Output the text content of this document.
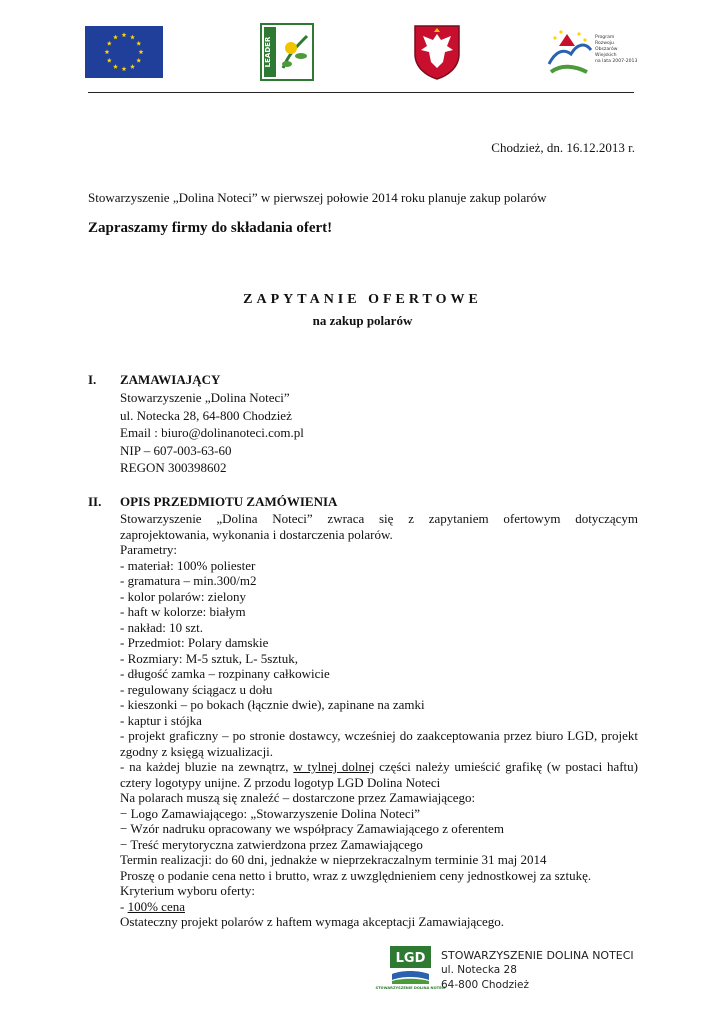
LEADER	Program Rozwoju Obszarów Wiejskich na lata 2007-2013
Chodzież, dn. 16.12.2013 r.
Stowarzyszenie „Dolina Noteci” w pierwszej połowie 2014 roku planuje zakup polarów
Zapraszamy firmy do składania ofert!
ZAPYTANIE OFERTOWE
na zakup polarów
I. ZAMAWIAJĄCY

Stowarzyszenie „Dolina Noteci”

ul. Notecka 28, 64-800 Chodzież

Email : biuro@dolinanoteci.com.pl

NIP – 607-003-63-60

REGON 300398602

II. OPIS PRZEDMIOTU ZAMÓWIENIA

Stowarzyszenie „Dolina Noteci” zwraca się z zapytaniem ofertowym dotyczącym zaprojektowania, wykonania i dostarczenia polarów.

Parametry:

- materiał: 100% poliester

- gramatura – min.300/m2

- kolor polarów: zielony

- haft w kolorze: białym

- nakład: 10 szt.

- Przedmiot: Polary damskie

- Rozmiary: M-5 sztuk, L- 5sztuk,

- długość zamka – rozpinany całkowicie

- regulowany ściągacz u dołu

- kieszonki – po bokach (łącznie dwie), zapinane na zamki

- kaptur i stójka

- projekt graficzny – po stronie dostawcy, wcześniej do zaakceptowania przez biuro LGD, projekt zgodny z księgą wizualizacji.

- na każdej bluzie na zewnątrz, w tylnej dolnej części należy umieścić grafikę (w postaci haftu) cztery logotypy unijne. Z przodu logotyp LGD Dolina Noteci

Na polarach muszą się znaleźć – dostarczone przez Zamawiającego:

− Logo Zamawiającego: „Stowarzyszenie Dolina Noteci”

− Wzór nadruku opracowany we współpracy Zamawiającego z oferentem

− Treść merytoryczna zatwierdzona przez Zamawiającego

Termin realizacji: do 60 dni, jednakże w nieprzekraczalnym terminie 31 maj 2014

Proszę o podanie cena netto i brutto, wraz z uwzględnieniem ceny jednostkowej za sztukę.

Kryterium wyboru oferty:

- 100% cena

Ostateczny projekt polarów z haftem wymaga akceptacji Zamawiającego.

LGD
STOWARZYSZENIE DOLINA NOTECI
STOWARZYSZENIE DOLINA NOTECI
ul. Notecka 28
64-800 Chodzież
